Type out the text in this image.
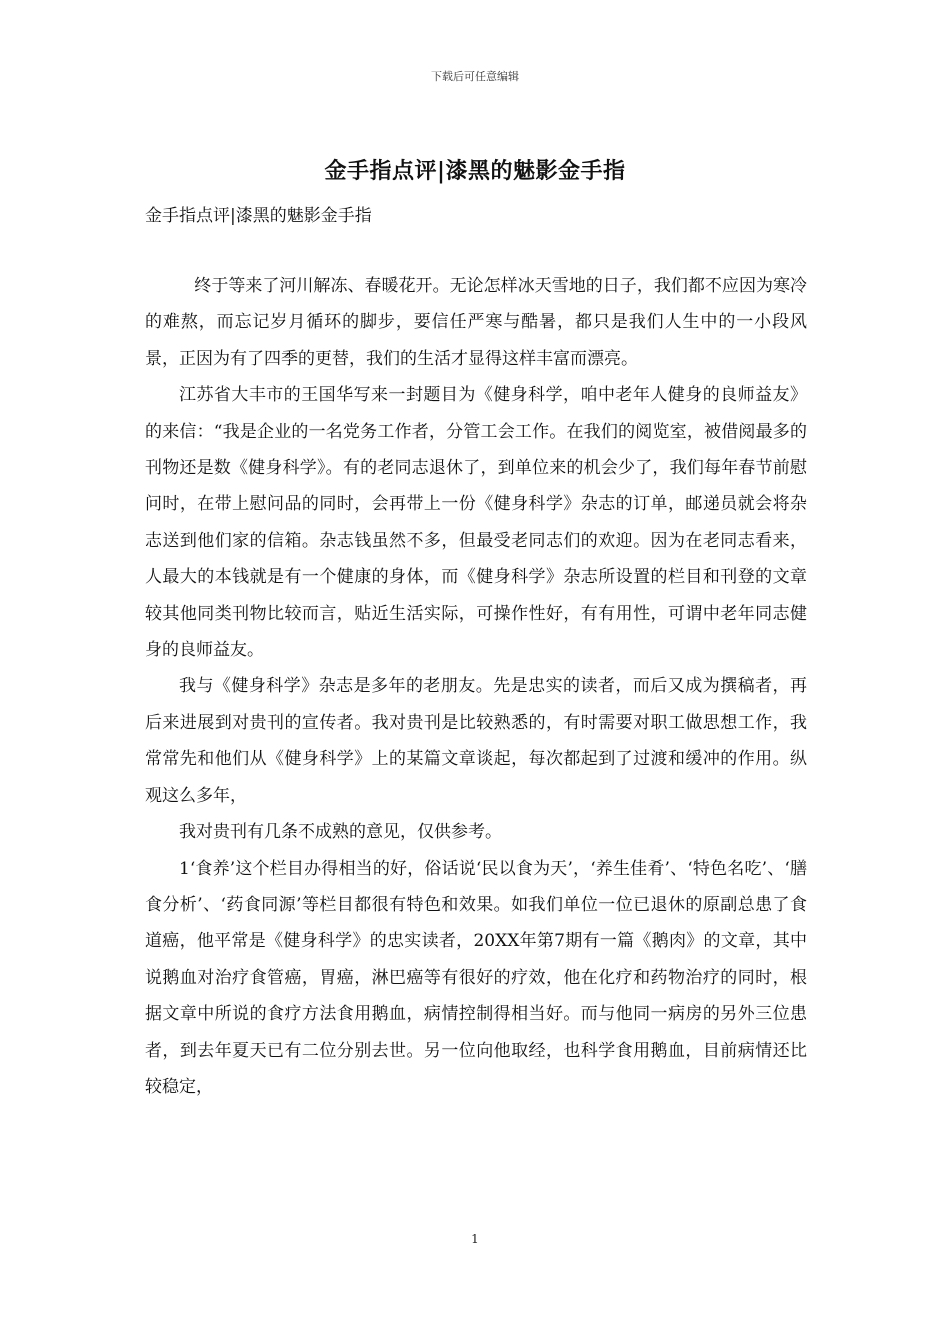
下载后可任意编辑
金手指点评|漆黑的魅影金手指
金手指点评|漆黑的魅影金手指

终于等来了河川解冻、春暖花开。无论怎样冰天雪地的日子，我们都不应因为寒冷的难熬，而忘记岁月循环的脚步，要信任严寒与酷暑，都只是我们人生中的一小段风景，正因为有了四季的更替，我们的生活才显得这样丰富而漂亮。

江苏省大丰市的王国华写来一封题目为《健身科学，咱中老年人健身的良师益友》的来信：“我是企业的一名党务工作者，分管工会工作。在我们的阅览室，被借阅最多的刊物还是数《健身科学》。有的老同志退休了，到单位来的机会少了，我们每年春节前慰问时，在带上慰问品的同时，会再带上一份《健身科学》杂志的订单，邮递员就会将杂志送到他们家的信箱。杂志钱虽然不多，但最受老同志们的欢迎。因为在老同志看来，人最大的本钱就是有一个健康的身体，而《健身科学》杂志所设置的栏目和刊登的文章较其他同类刊物比较而言，贴近生活实际，可操作性好，有有用性，可谓中老年同志健身的良师益友。

我与《健身科学》杂志是多年的老朋友。先是忠实的读者，而后又成为撰稿者，再后来进展到对贵刊的宣传者。我对贵刊是比较熟悉的，有时需要对职工做思想工作，我常常先和他们从《健身科学》上的某篇文章谈起，每次都起到了过渡和缓冲的作用。纵观这么多年，

我对贵刊有几条不成熟的意见，仅供参考。

1‘食养’这个栏目办得相当的好，俗话说‘民以食为天’，‘养生佳肴’、‘特色名吃’、‘膳食分析’、‘药食同源’等栏目都很有特色和效果。如我们单位一位已退休的原副总患了食道癌，他平常是《健身科学》的忠实读者，20XX年第7期有一篇《鹅肉》的文章，其中说鹅血对治疗食管癌，胃癌，淋巴癌等有很好的疗效，他在化疗和药物治疗的同时，根据文章中所说的食疗方法食用鹅血，病情控制得相当好。而与他同一病房的另外三位患者，到去年夏天已有二位分别去世。另一位向他取经，也科学食用鹅血，目前病情还比较稳定，

1
